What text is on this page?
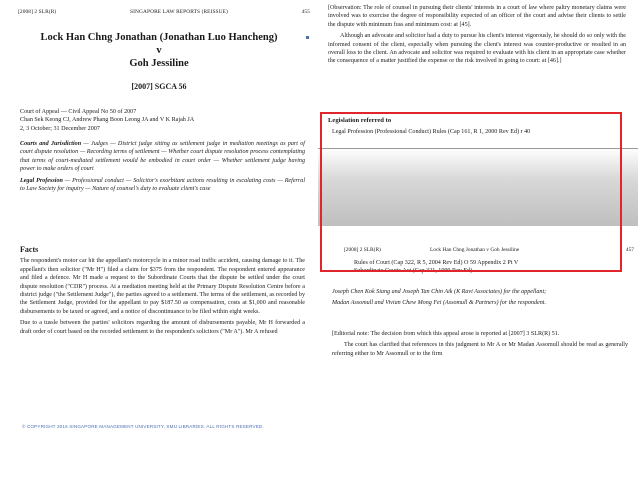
[2008] 2 SLR(R)	SINGAPORE LAW REPORTS (REISSUE)	455
Lock Han Chng Jonathan (Jonathan Luo Hancheng)
v
Goh Jessiline
[2007] SGCA 56
Court of Appeal — Civil Appeal No 50 of 2007
Chan Sek Keong CJ, Andrew Phang Boon Leong JA and V K Rajah JA
2, 3 October; 31 December 2007

Courts and Jurisdiction — Judges — District judge sitting as settlement judge in mediation meetings as part of court dispute resolution — Recording terms of settlement — Whether court dispute resolution process contemplating that terms of court-mediated settlement would be embodied in court order — Whether settlement judge having power to make orders of court

Legal Profession — Professional conduct — Solicitor's exorbitant actions resulting in escalating costs — Referral to Law Society for inquiry — Nature of counsel's duty to evaluate client's case

Facts

The respondent's motor car hit the appellant's motorcycle in a minor road traffic accident, causing damage to it. The appellant's then solicitor ("Mr H") filed a claim for $375 from the respondent. The respondent entered appearance and filed a defence. Mr H made a request to the Subordinate Courts that the dispute be settled under the court dispute resolution ("CDR") process. At a mediation meeting held at the Primary Dispute Resolution Centre before a district judge ("the Settlement Judge"), the parties agreed to a settlement. The terms of the settlement, as recorded by the Settlement Judge, provided for the appellant to pay $187.50 as compensation, costs at $1,000 and reasonable disbursements to be taxed or agreed, and a notice of discontinuance to be filed within eight weeks.

Due to a tussle between the parties' solicitors regarding the amount of disbursements payable, Mr H forwarded a draft order of court based on the recorded settlement to the respondent's solicitors ("Mr A"). Mr A refused

[Observation: The role of counsel in pursuing their clients' interests in a court of law where paltry monetary claims were involved was to exercise the degree of responsibility expected of an officer of the court and advise their clients to settle the dispute with minimum fuss and minimum cost: at [45].

Although an advocate and solicitor had a duty to pursue his client's interest vigorously, he should do so only with the informed consent of the client, especially when pursuing the client's interest was counter-productive or resulted in an overall loss to the client. An advocate and solicitor was required to evaluate with his client in an appropriate case whether the consequence of a matter justified the expense or the risk involved in going to court: at [46].]

Legislation referred to
Legal Profession (Professional Conduct) Rules (Cap 161, R 1, 2000 Rev Ed) r 40
[2008] 2 SLR(R)	Lock Han Chng Jonathan v Goh Jessiline	457
Rules of Court (Cap 322, R 5, 2004 Rev Ed) O 59 Appendix 2 Pt V
Subordinate Courts Act (Cap 321, 1999 Rev Ed)

Joseph Chen Kok Siang and Joseph Tan Chin Aik (K Ravi Associates) for the appellant;

Madan Assomull and Vivian Chew Mong Fei (Assomull & Partners) for the respondent.

[Editorial note: The decision from which this appeal arose is reported at [2007] 3 SLR(R) 51.

The court has clarified that references in this judgment to Mr A or Mr Madan Assomull should be read as generally referring either to Mr Assomull or to the firm

© COPYRIGHT 2016 SINGAPORE MANAGEMENT UNIVERSITY, SMU LIBRARIES. ALL RIGHTS RESERVED.
